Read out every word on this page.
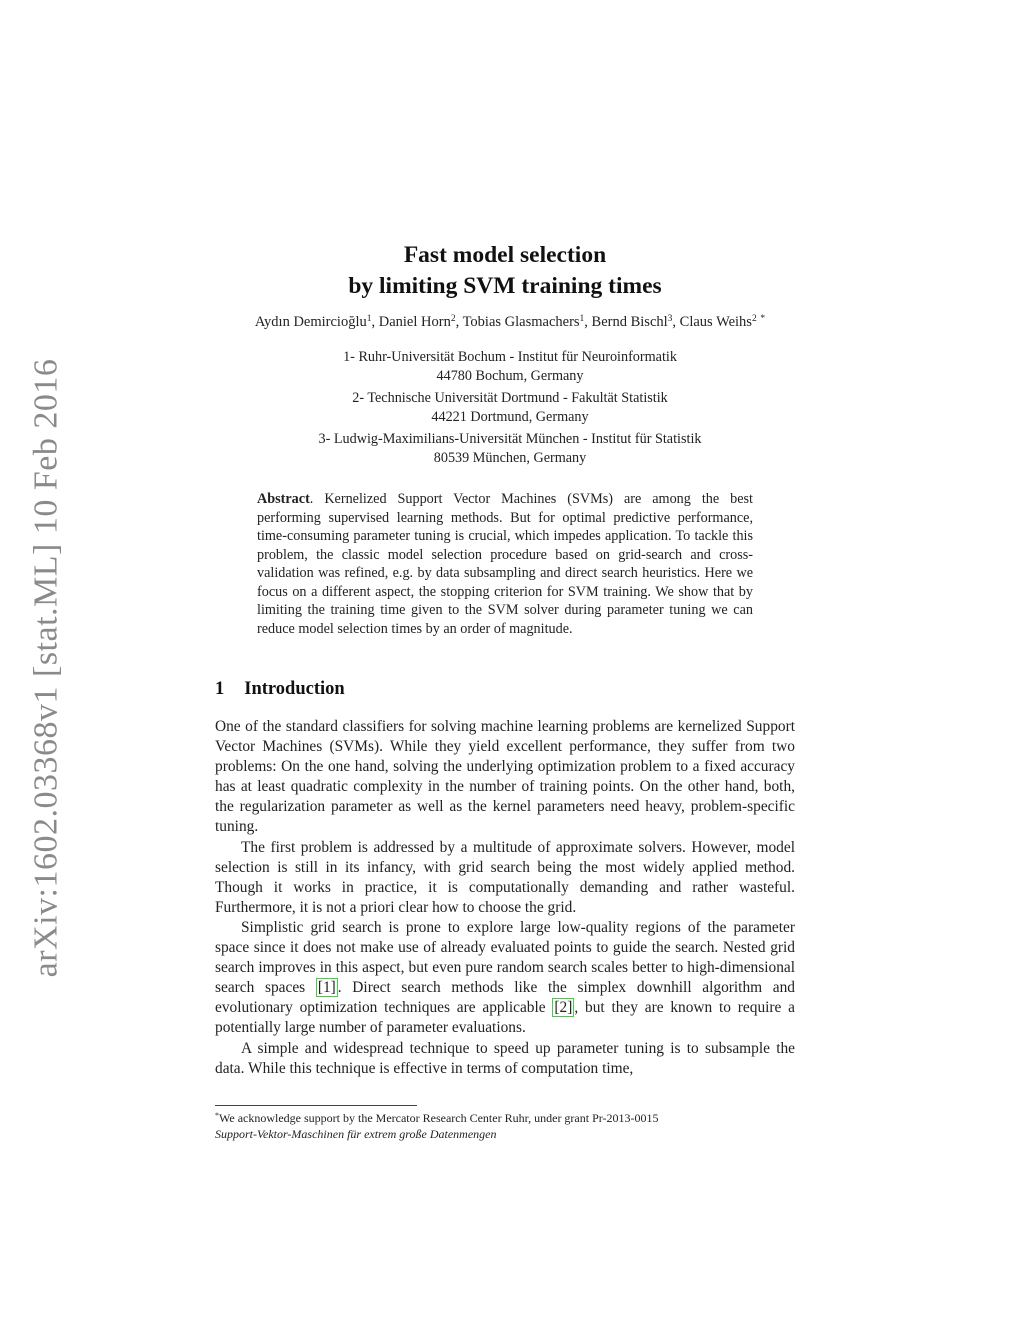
arXiv:1602.03368v1 [stat.ML] 10 Feb 2016
Fast model selection
by limiting SVM training times
Aydın Demircioğlu$^1$, Daniel Horn$^2$, Tobias Glasmachers$^1$, Bernd Bischl$^3$, Claus Weihs$^2$ *
1- Ruhr-Universität Bochum - Institut für Neuroinformatik
44780 Bochum, Germany
2- Technische Universität Dortmund - Fakultät Statistik
44221 Dortmund, Germany
3- Ludwig-Maximilians-Universität München - Institut für Statistik
80539 München, Germany
Abstract. Kernelized Support Vector Machines (SVMs) are among the best performing supervised learning methods. But for optimal predictive performance, time-consuming parameter tuning is crucial, which impedes application. To tackle this problem, the classic model selection procedure based on grid-search and cross-validation was refined, e.g. by data subsampling and direct search heuristics. Here we focus on a different aspect, the stopping criterion for SVM training. We show that by limiting the training time given to the SVM solver during parameter tuning we can reduce model selection times by an order of magnitude.
1 Introduction

One of the standard classifiers for solving machine learning problems are kernelized Support Vector Machines (SVMs). While they yield excellent performance, they suffer from two problems: On the one hand, solving the underlying optimization problem to a fixed accuracy has at least quadratic complexity in the number of training points. On the other hand, both, the regularization parameter as well as the kernel parameters need heavy, problem-specific tuning.

The first problem is addressed by a multitude of approximate solvers. However, model selection is still in its infancy, with grid search being the most widely applied method. Though it works in practice, it is computationally demanding and rather wasteful. Furthermore, it is not a priori clear how to choose the grid.

Simplistic grid search is prone to explore large low-quality regions of the parameter space since it does not make use of already evaluated points to guide the search. Nested grid search improves in this aspect, but even pure random search scales better to high-dimensional search spaces [1] . Direct search methods like the simplex downhill algorithm and evolutionary optimization techniques are applicable [2] , but they are known to require a potentially large number of parameter evaluations.

A simple and widespread technique to speed up parameter tuning is to subsample the data. While this technique is effective in terms of computation time,

*We acknowledge support by the Mercator Research Center Ruhr, under grant Pr-2013-0015
Support-Vektor-Maschinen für extrem große Datenmengen
